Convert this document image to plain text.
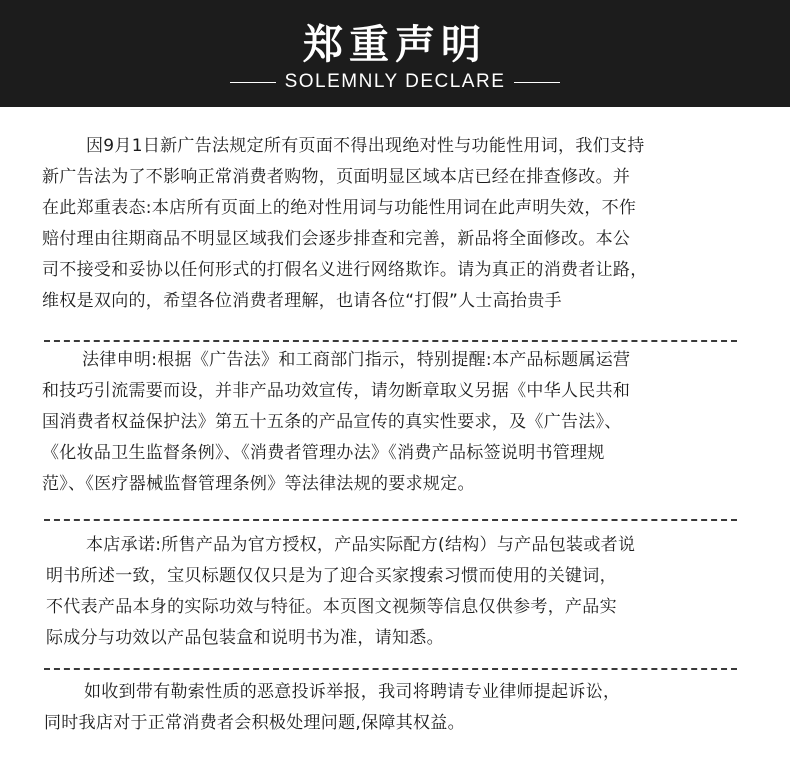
郑重声明
SOLEMNLY DECLARE
因9月1日新广告法规定所有页面不得出现绝对性与功能性用词，我们支持
新广告法为了不影响正常消费者购物，页面明显区域本店已经在排查修改。并
在此郑重表态:本店所有页面上的绝对性用词与功能性用词在此声明失效，不作
赔付理由往期商品不明显区域我们会逐步排查和完善，新品将全面修改。本公
司不接受和妥协以任何形式的打假名义进行网络欺诈。请为真正的消费者让路，
维权是双向的，希望各位消费者理解，也请各位“打假”人士高抬贵手
法律申明:根据《广告法》和工商部门指示，特别提醒:本产品标题属运营
和技巧引流需要而设，并非产品功效宣传，请勿断章取义另据《中华人民共和
国消费者权益保护法》第五十五条的产品宣传的真实性要求，及《广告法》、
《化妆品卫生监督条例》、《消费者管理办法》《消费产品标签说明书管理规
范》、《医疗器械监督管理条例》等法律法规的要求规定。
本店承诺:所售产品为官方授权，产品实际配方(结构）与产品包装或者说
明书所述一致，宝贝标题仅仅只是为了迎合买家搜索习惯而使用的关键词，
不代表产品本身的实际功效与特征。本页图文视频等信息仅供参考，产品实
际成分与功效以产品包装盒和说明书为准，请知悉。
如收到带有勒索性质的恶意投诉举报，我司将聘请专业律师提起诉讼，
同时我店对于正常消费者会积极处理问题,保障其权益。
